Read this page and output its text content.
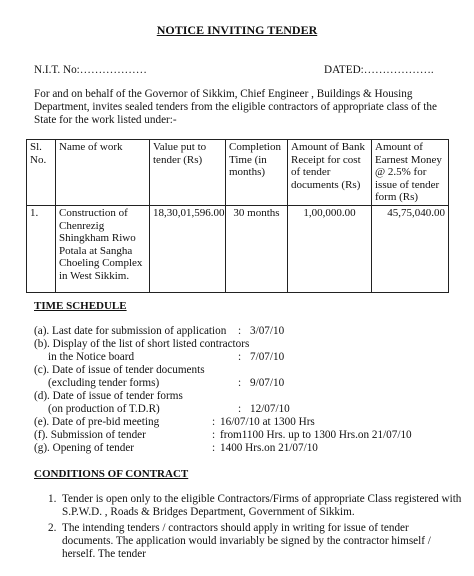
NOTICE INVITING TENDER
N.I.T. No:………………	DATED:……………….
For and on behalf of the Governor of Sikkim, Chief Engineer , Buildings & Housing Department, invites sealed tenders from the eligible contractors of appropriate class of the State for the work listed under:-
Sl. No.	Name of work	Value put to tender (Rs)	Completion Time (in months)	Amount of Bank Receipt for cost of tender documents (Rs)	Amount of Earnest Money @ 2.5% for issue of tender form (Rs)
1.	Construction of Chenrezig Shingkham Riwo Potala at Sangha Choeling Complex in West Sikkim.	18,30,01,596.00	30 months	1,00,000.00	45,75,040.00
TIME SCHEDULE
(a). Last date for submission of application : 3/07/10
(b). Display of the list of short listed contractors
in the Notice board	: 7/07/10
(c). Date of issue of tender documents
(excluding tender forms)	: 9/07/10
(d). Date of issue of tender forms
(on production of T.D.R)	: 12/07/10
(e). Date of pre-bid meeting	: 16/07/10 at 1300 Hrs
(f). Submission of tender	: from1100 Hrs. up to 1300 Hrs.on 21/07/10
(g). Opening of tender	: 1400 Hrs.on 21/07/10
CONDITIONS OF CONTRACT
1. Tender is open only to the eligible Contractors/Firms of appropriate Class registered with S.P.W.D. , Roads & Bridges Department, Government of Sikkim.
2. The intending tenders / contractors should apply in writing for issue of tender documents. The application would invariably be signed by the contractor himself / herself. The tender
